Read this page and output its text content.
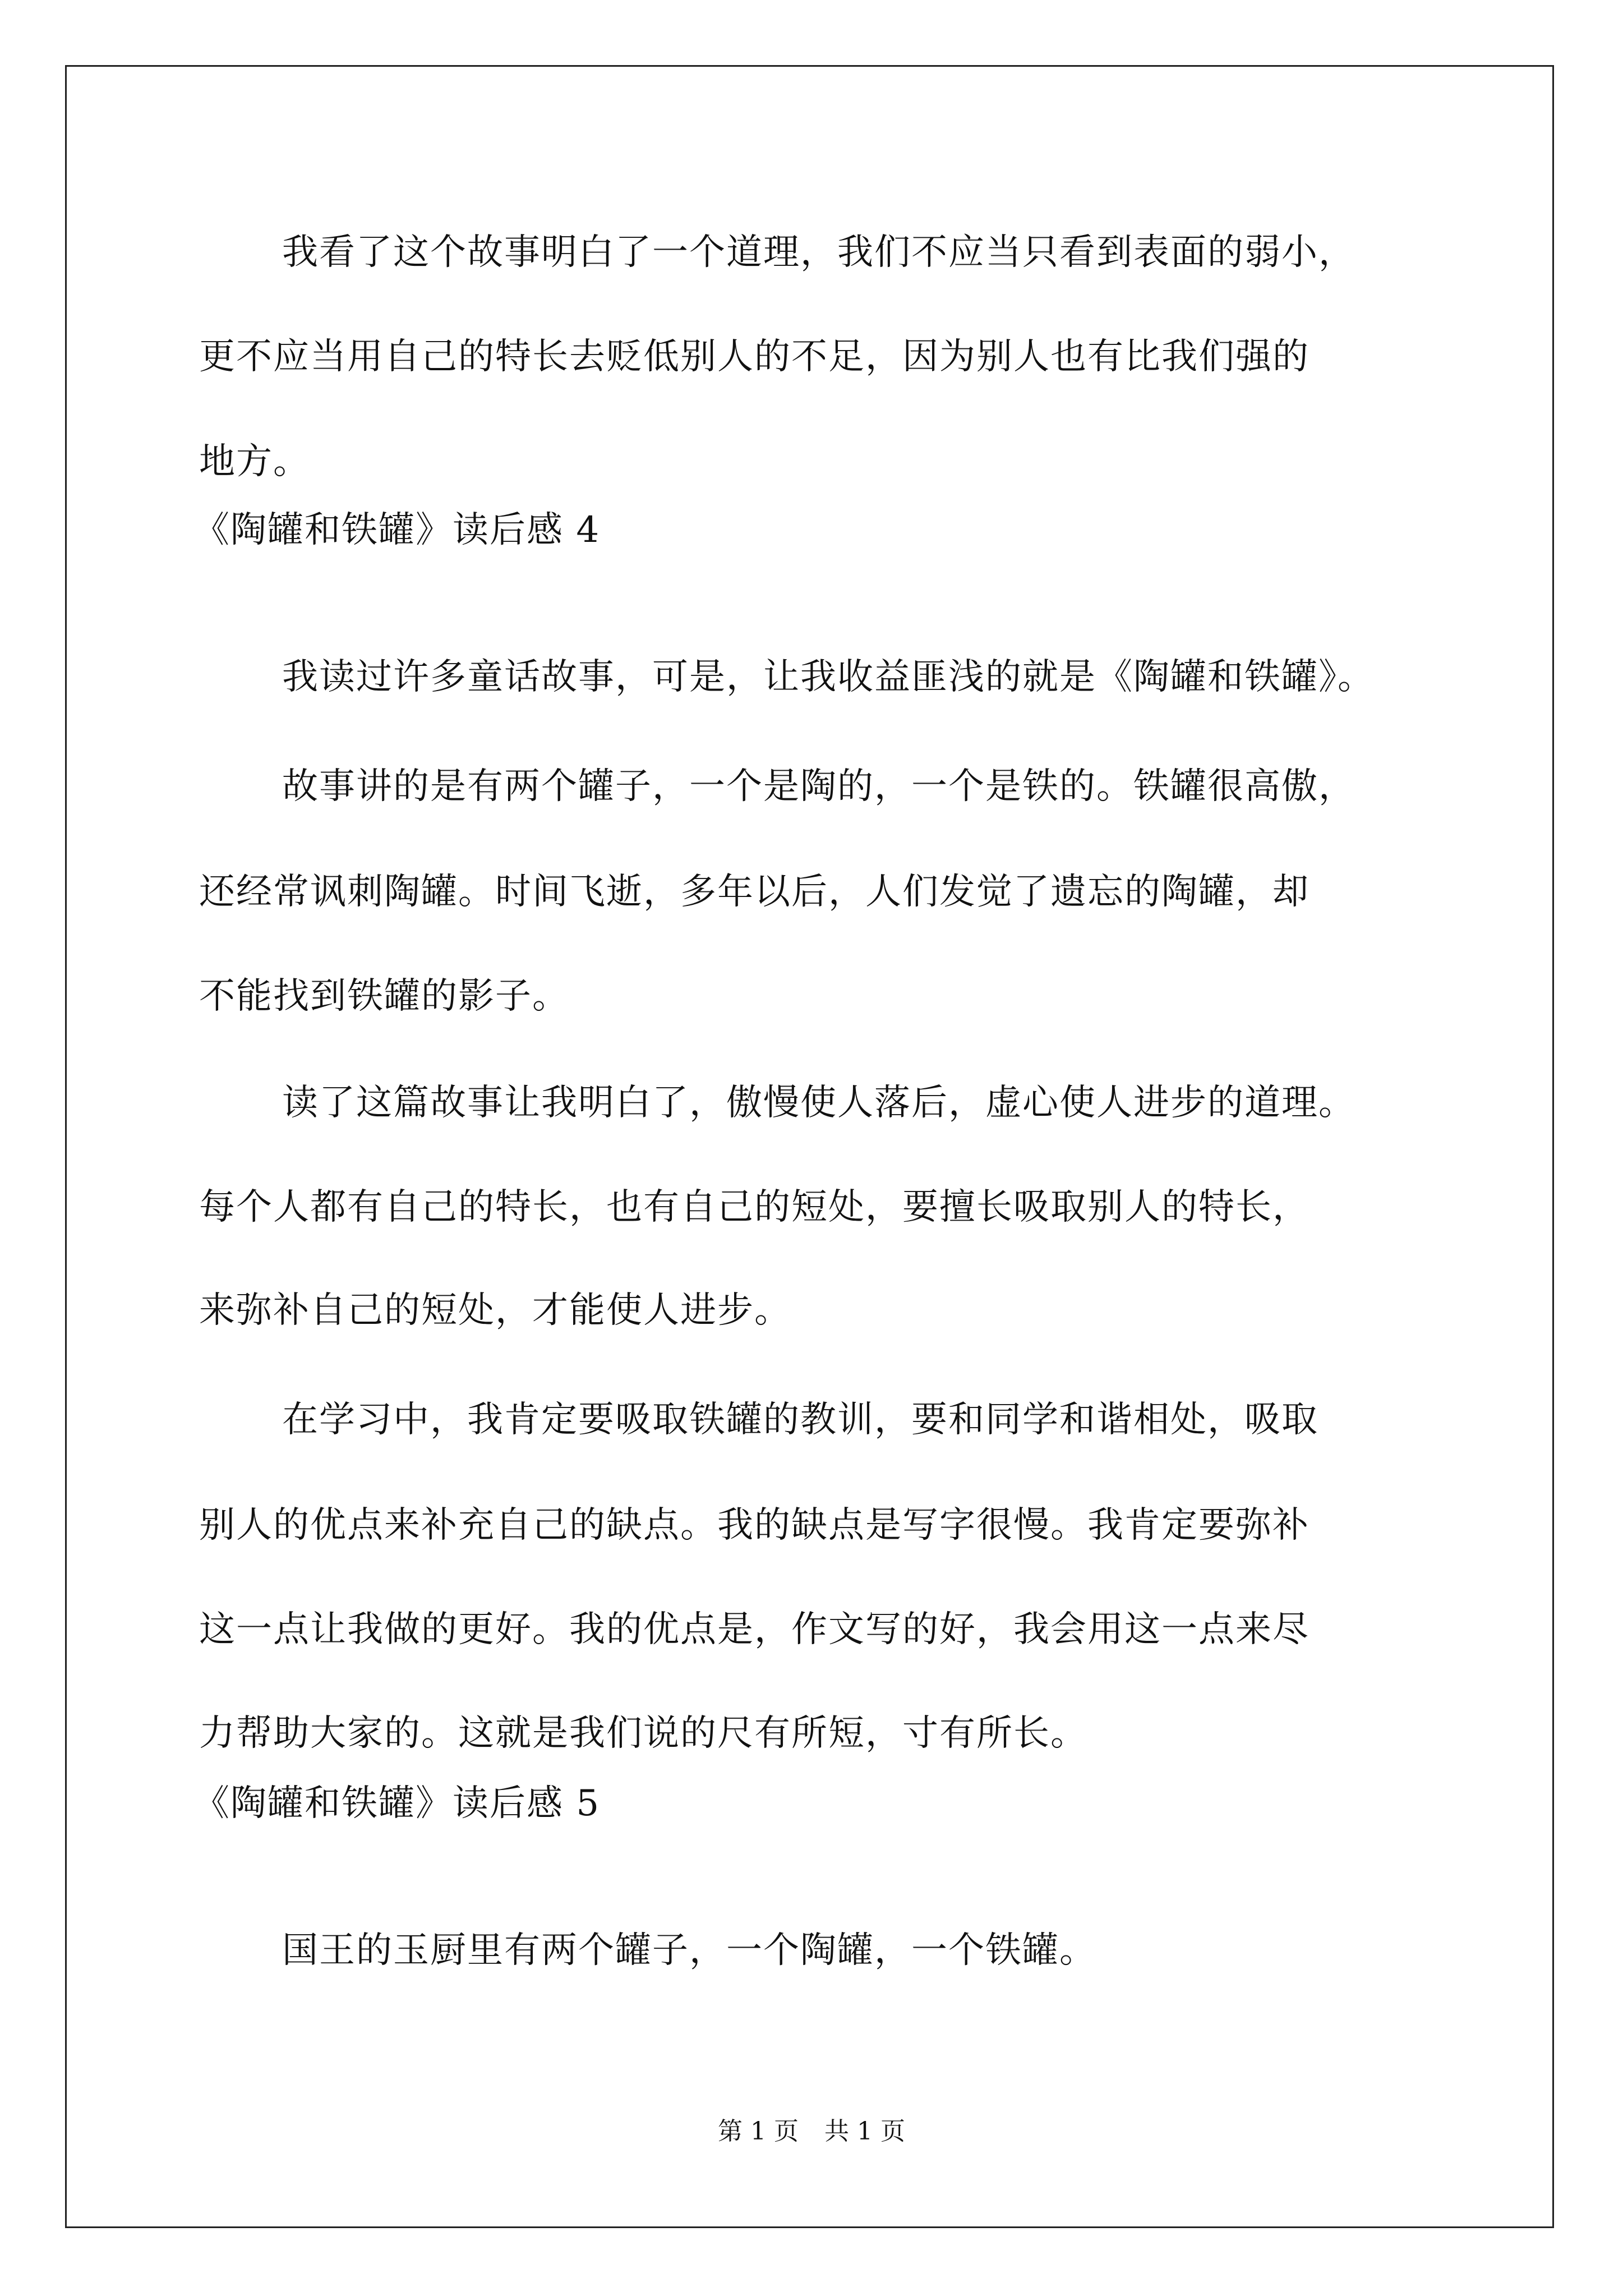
我看了这个故事明白了一个道理，我们不应当只看到表面的弱小，
更不应当用自己的特长去贬低别人的不足，因为别人也有比我们强的
地方。
《陶罐和铁罐》读后感 4
我读过许多童话故事，可是，让我收益匪浅的就是《陶罐和铁罐》。
故事讲的是有两个罐子，一个是陶的，一个是铁的。铁罐很高傲，
还经常讽刺陶罐。时间飞逝，多年以后，人们发觉了遗忘的陶罐，却
不能找到铁罐的影子。
读了这篇故事让我明白了，傲慢使人落后，虚心使人进步的道理。
每个人都有自己的特长，也有自己的短处，要擅长吸取别人的特长，
来弥补自己的短处，才能使人进步。
在学习中，我肯定要吸取铁罐的教训，要和同学和谐相处，吸取
别人的优点来补充自己的缺点。我的缺点是写字很慢。我肯定要弥补
这一点让我做的更好。我的优点是，作文写的好，我会用这一点来尽
力帮助大家的。这就是我们说的尺有所短，寸有所长。
《陶罐和铁罐》读后感 5
国王的玉厨里有两个罐子，一个陶罐，一个铁罐。
第 1 页 共 1 页
